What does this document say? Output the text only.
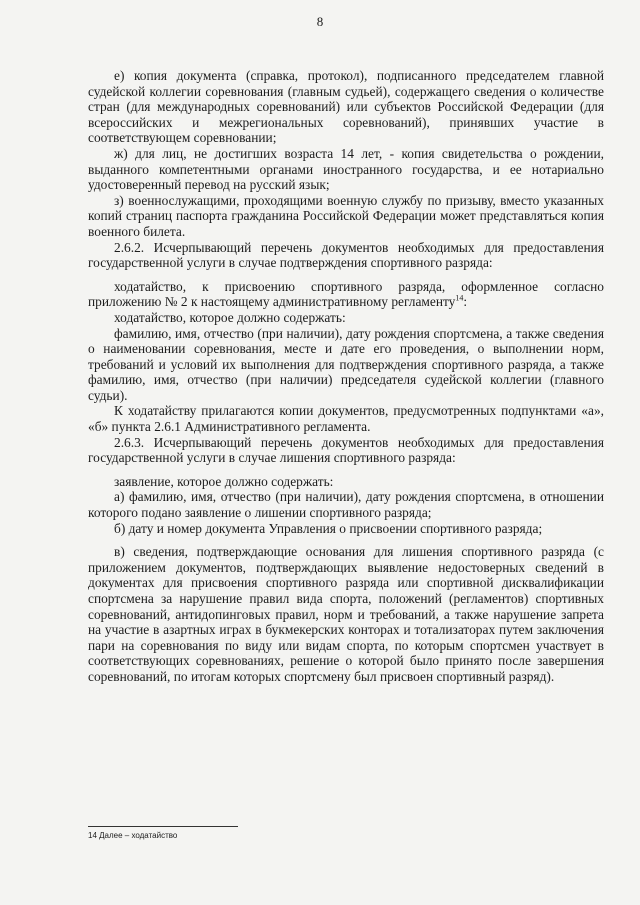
8

е) копия документа (справка, протокол), подписанного председателем главной судейской коллегии соревнования (главным судьей), содержащего сведения о количестве стран (для международных соревнований) или субъектов Российской Федерации (для всероссийских и межрегиональных соревнований), принявших участие в соответствующем соревновании;

ж) для лиц, не достигших возраста 14 лет, - копия свидетельства о рождении, выданного компетентными органами иностранного государства, и ее нотариально удостоверенный перевод на русский язык;

з) военнослужащими, проходящими военную службу по призыву, вместо указанных копий страниц паспорта гражданина Российской Федерации может представляться копия военного билета.

2.6.2. Исчерпывающий перечень документов необходимых для предоставления государственной услуги в случае подтверждения спортивного разряда:

ходатайство, к присвоению спортивного разряда, оформленное согласно приложению № 2 к настоящему административному регламенту$^{14}$:

ходатайство, которое должно содержать:

фамилию, имя, отчество (при наличии), дату рождения спортсмена, а также сведения о наименовании соревнования, месте и дате его проведения, о выполнении норм, требований и условий их выполнения для подтверждения спортивного разряда, а также фамилию, имя, отчество (при наличии) председателя судейской коллегии (главного судьи).

К ходатайству прилагаются копии документов, предусмотренных подпунктами «а», «б» пункта 2.6.1 Административного регламента.

2.6.3. Исчерпывающий перечень документов необходимых для предоставления государственной услуги в случае лишения спортивного разряда:

заявление, которое должно содержать:

а) фамилию, имя, отчество (при наличии), дату рождения спортсмена, в отношении которого подано заявление о лишении спортивного разряда;

б) дату и номер документа Управления о присвоении спортивного разряда;

в) сведения, подтверждающие основания для лишения спортивного разряда (с приложением документов, подтверждающих выявление недостоверных сведений в документах для присвоения спортивного разряда или спортивной дисквалификации спортсмена за нарушение правил вида спорта, положений (регламентов) спортивных соревнований, антидопинговых правил, норм и требований, а также нарушение запрета на участие в азартных играх в букмекерских конторах и тотализаторах путем заключения пари на соревнования по виду или видам спорта, по которым спортсмен участвует в соответствующих соревнованиях, решение о которой было принято после завершения соревнований, по итогам которых спортсмену был присвоен спортивный разряд).

14 Далее – ходатайство
